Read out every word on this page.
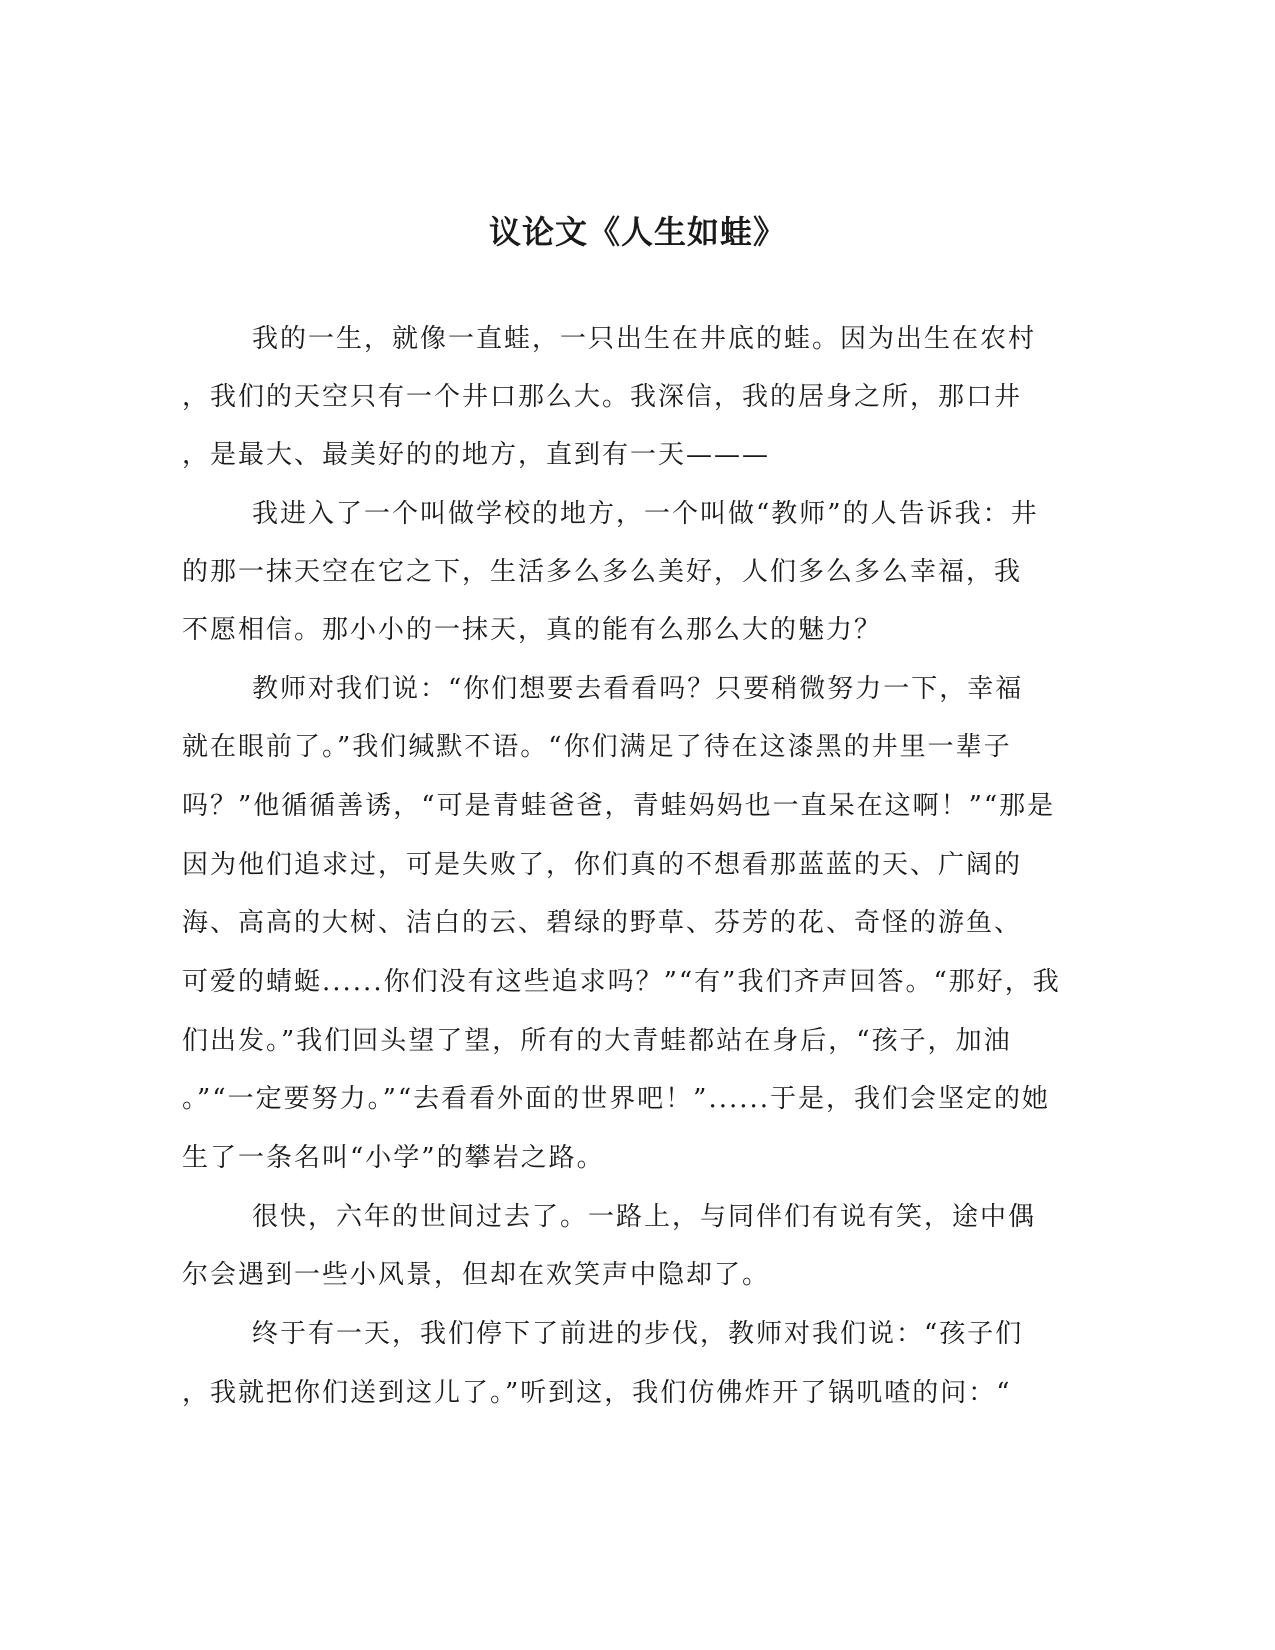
议论文《人生如蛙》
我的一生，就像一直蛙，一只出生在井底的蛙。因为出生在农村
，我们的天空只有一个井口那么大。我深信，我的居身之所，那口井
，是最大、最美好的的地方，直到有一天———
我进入了一个叫做学校的地方，一个叫做“教师”的人告诉我：井
的那一抹天空在它之下，生活多么多么美好，人们多么多么幸福，我
不愿相信。那小小的一抹天，真的能有么那么大的魅力？
教师对我们说：“你们想要去看看吗？只要稍微努力一下，幸福
就在眼前了。”我们缄默不语。“你们满足了待在这漆黑的井里一辈子
吗？”他循循善诱，“可是青蛙爸爸，青蛙妈妈也一直呆在这啊！”“那是
因为他们追求过，可是失败了，你们真的不想看那蓝蓝的天、广阔的
海、高高的大树、洁白的云、碧绿的野草、芬芳的花、奇怪的游鱼、
可爱的蜻蜓......你们没有这些追求吗？”“有”我们齐声回答。“那好，我
们出发。”我们回头望了望，所有的大青蛙都站在身后，“孩子，加油
。”“一定要努力。”“去看看外面的世界吧！”......于是，我们会坚定的她
生了一条名叫“小学”的攀岩之路。
很快，六年的世间过去了。一路上，与同伴们有说有笑，途中偶
尔会遇到一些小风景，但却在欢笑声中隐却了。
终于有一天，我们停下了前进的步伐，教师对我们说：“孩子们
，我就把你们送到这儿了。”听到这，我们仿佛炸开了锅叽喳的问：“
